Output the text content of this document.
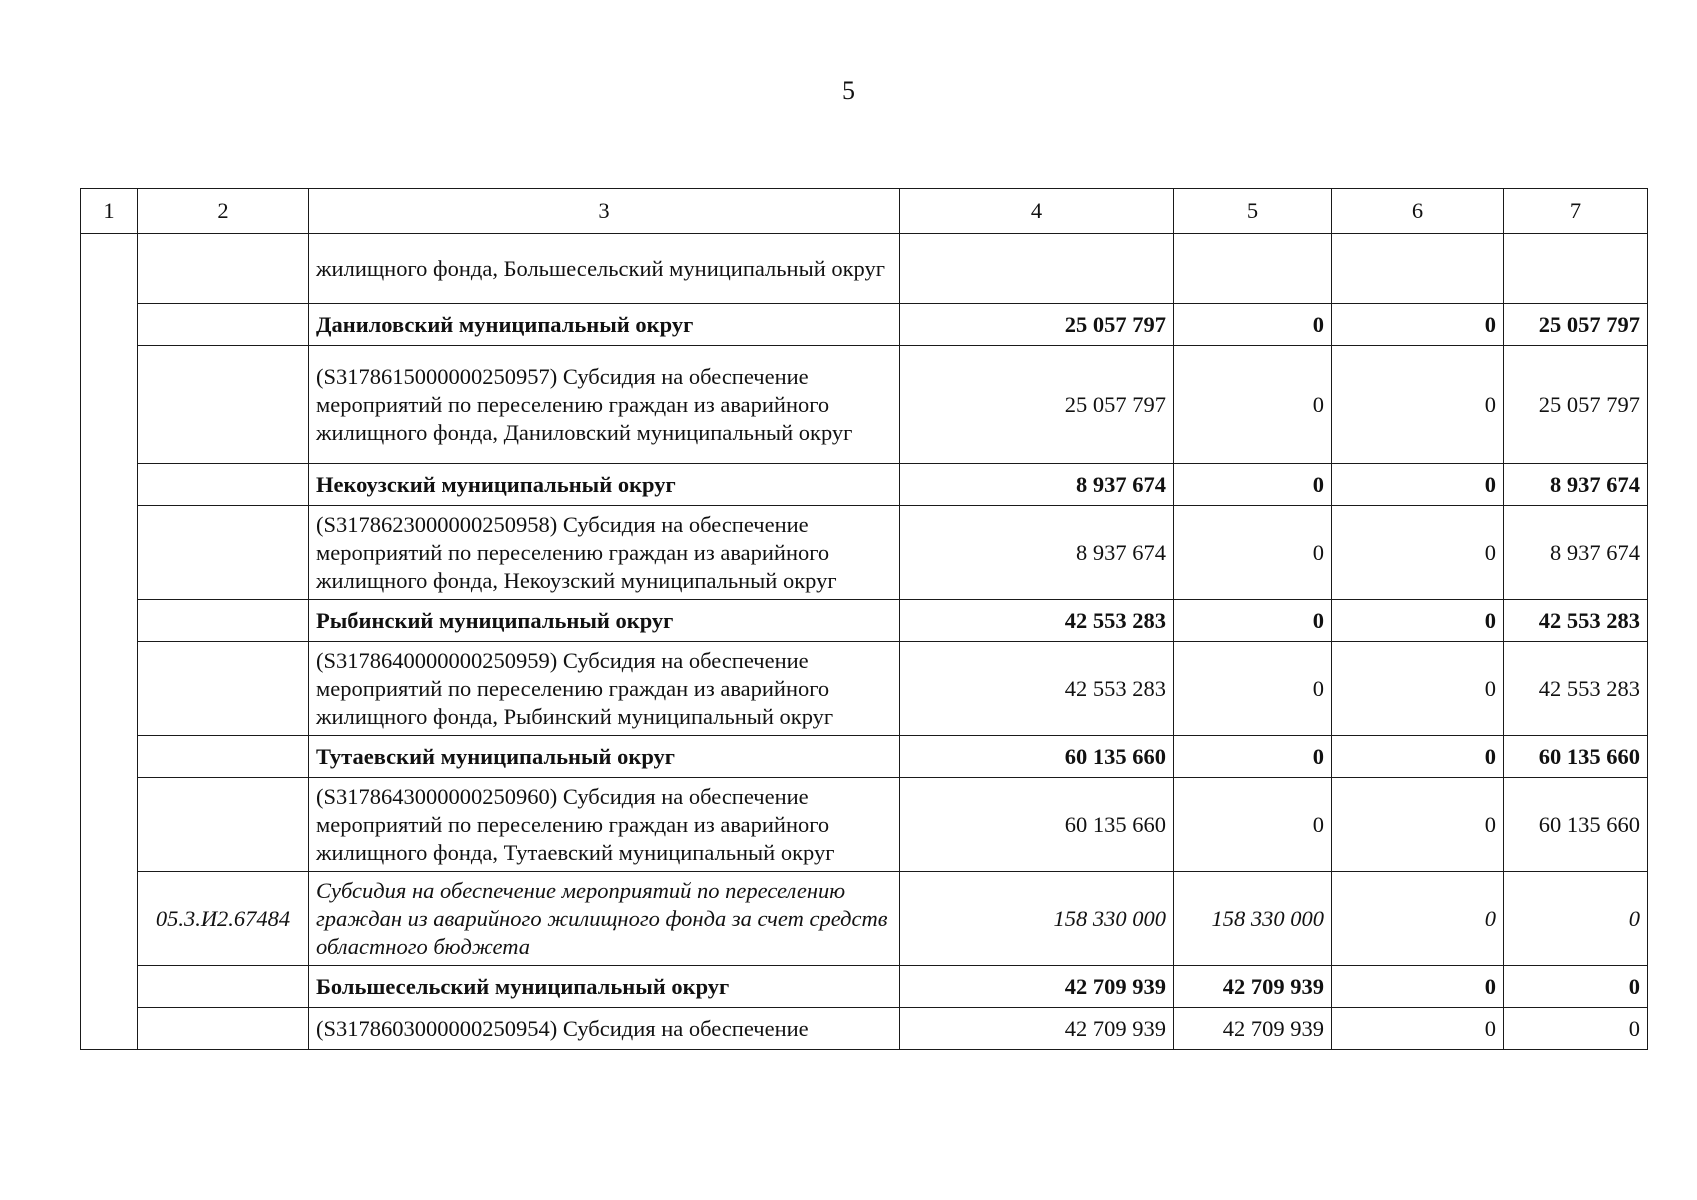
5
1	2	3	4	5	6	7
		жилищного фонда, Большесельский муниципальный округ				
		Даниловский муниципальный округ	25 057 797	0	0	25 057 797
		(S3178615000000250957) Субсидия на обеспечение мероприятий по переселению граждан из аварийного жилищного фонда, Даниловский муниципальный округ	25 057 797	0	0	25 057 797
		Некоузский муниципальный округ	8 937 674	0	0	8 937 674
		(S3178623000000250958) Субсидия на обеспечение мероприятий по переселению граждан из аварийного жилищного фонда, Некоузский муниципальный округ	8 937 674	0	0	8 937 674
		Рыбинский муниципальный округ	42 553 283	0	0	42 553 283
		(S3178640000000250959) Субсидия на обеспечение мероприятий по переселению граждан из аварийного жилищного фонда, Рыбинский муниципальный округ	42 553 283	0	0	42 553 283
		Тутаевский муниципальный округ	60 135 660	0	0	60 135 660
		(S3178643000000250960) Субсидия на обеспечение мероприятий по переселению граждан из аварийного жилищного фонда, Тутаевский муниципальный округ	60 135 660	0	0	60 135 660
	05.3.И2.67484	Субсидия на обеспечение мероприятий по переселению граждан из аварийного жилищного фонда за счет средств областного бюджета	158 330 000	158 330 000	0	0
		Большесельский муниципальный округ	42 709 939	42 709 939	0	0
		(S3178603000000250954) Субсидия на обеспечение	42 709 939	42 709 939	0	0
